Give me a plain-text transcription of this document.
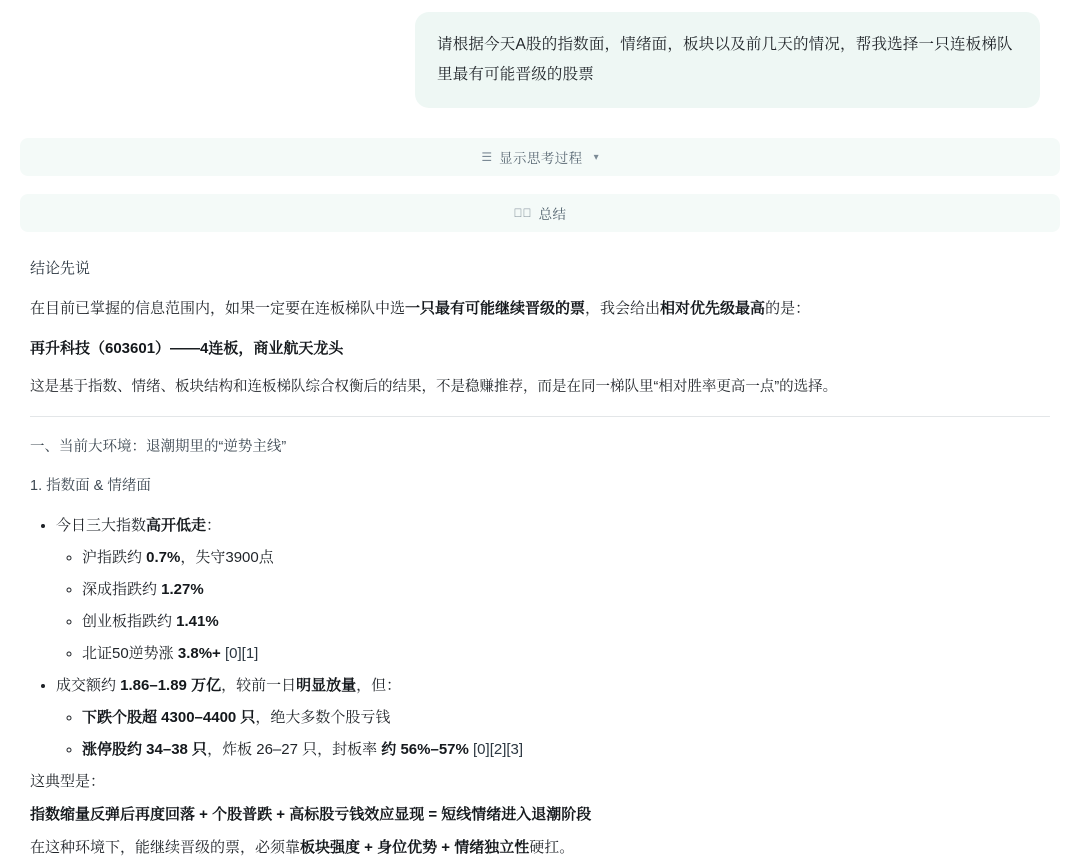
请根据今天A股的指数面，情绪面，板块以及前几天的情况，帮我选择一只连板梯队里最有可能晋级的股票
☰ 显示思考过程 ▾
✓⃝ 总结

结论先说

在目前已掌握的信息范围内，如果一定要在连板梯队中选一只最有可能继续晋级的票，我会给出相对优先级最高的是：

再升科技（603601）——4连板，商业航天龙头

这是基于指数、情绪、板块结构和连板梯队综合权衡后的结果，不是稳赚推荐，而是在同一梯队里“相对胜率更高一点”的选择。

一、当前大环境：退潮期里的“逆势主线”

1. 指数面 & 情绪面

• 今日三大指数高开低走：
◦ 沪指跌约 0.7%，失守3900点
◦ 深成指跌约 1.27%
◦ 创业板指跌约 1.41%
◦ 北证50逆势涨 3.8%+ [0][1]
• 成交额约 1.86–1.89 万亿，较前一日明显放量，但：
◦ 下跌个股超 4300–4400 只，绝大多数个股亏钱
◦ 涨停股约 34–38 只，炸板 26–27 只，封板率 约 56%–57% [0][2][3]

这典型是：

指数缩量反弹后再度回落 + 个股普跌 + 高标股亏钱效应显现 = 短线情绪进入退潮阶段

在这种环境下，能继续晋级的票，必须靠板块强度 + 身位优势 + 情绪独立性硬扛。
